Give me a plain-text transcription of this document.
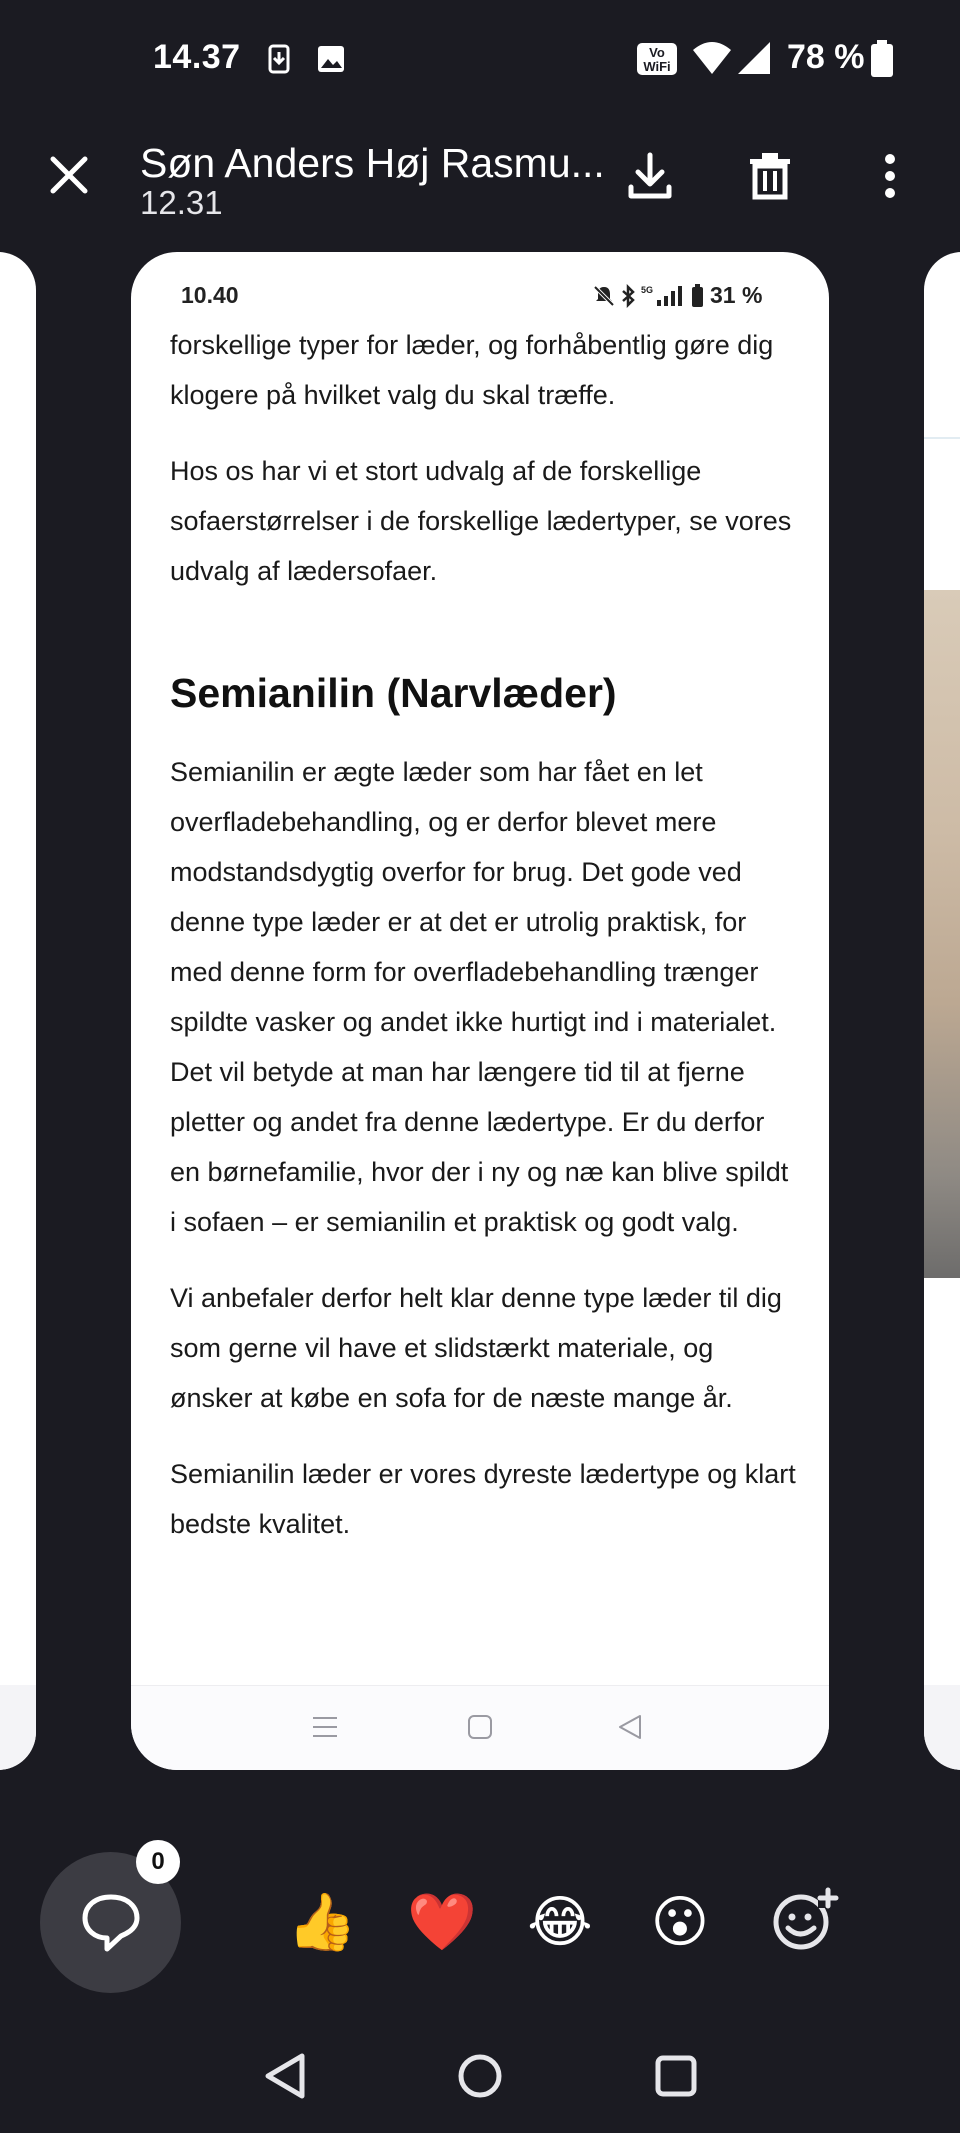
14.37	Vo
WiFi	78 %
Søn Anders Høj Rasmu...
12.31
10.40	5G 31 %

forskellige typer for læder, og forhåbentlig gøre dig klogere på hvilket valg du skal træffe.

Hos os har vi et stort udvalg af de forskellige sofaerstørrelser i de forskellige lædertyper, se vores udvalg af lædersofaer.

Semianilin (Narvlæder)

Semianilin er ægte læder som har fået en let overfladebehandling, og er derfor blevet mere modstandsdygtig overfor for brug. Det gode ved denne type læder er at det er utrolig praktisk, for med denne form for overfladebehandling trænger spildte vasker og andet ikke hurtigt ind i materialet. Det vil betyde at man har længere tid til at fjerne pletter og andet fra denne lædertype. Er du derfor en børnefamilie, hvor der i ny og næ kan blive spildt i sofaen – er semianilin et praktisk og godt valg.

Vi anbefaler derfor helt klar denne type læder til dig som gerne vil have et slidstærkt materiale, og ønsker at købe en sofa for de næste mange år.

Semianilin læder er vores dyreste lædertype og klart bedste kvalitet.

0
👍 ❤️ 😂 😮
